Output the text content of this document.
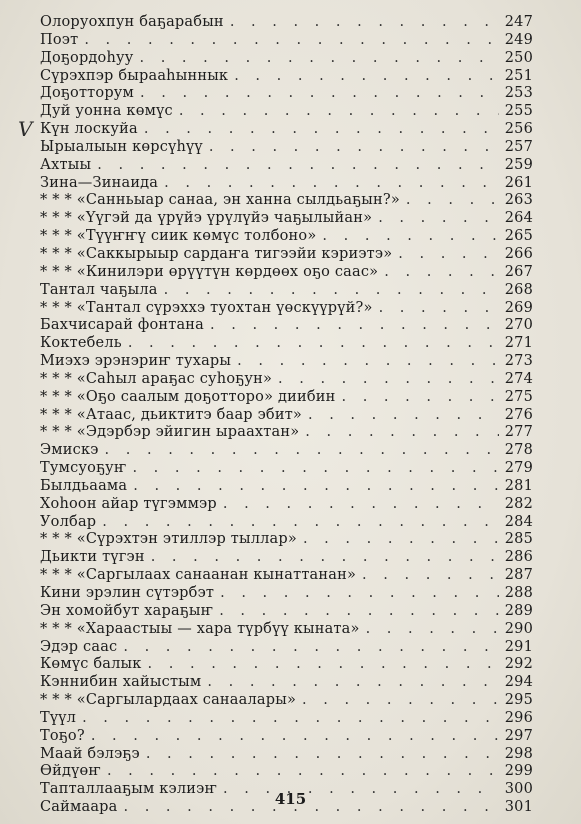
V
Олоруохпун баҕарабын . . .	247
Поэт . . .	249
Доҕордоһуу . . .	250
Сүрэхпэр бырааһыннык . . .	251
Доҕотторум . . .	253
Дуй уонна көмүс . . .	255
Күн лоскуйа . . .	256
Ырыалыын көрсүһүү . . .	257
Ахтыы . . .	259
Зина—Зинаида . . .	261
* * * «Санньыар санаа, эн ханна сылдьаҕын?» . . .	263
* * * «Үүгэй да үрүйэ үрүлүйэ чаҕылыйан» . . .	264
* * * «Түүҥҥү сиик көмүс толбоно» . . .	265
* * * «Саккырыыр сардаҥа тигээйи кэриэтэ» . . .	266
* * * «Кинилэри өрүүтүн көрдөөх оҕо саас» . . .	267
Тантал чаҕыла . . .	268
* * * «Тантал сүрэххэ туохтан үөскүүрүй?» . . .	269
Бахчисарай фонтана . . .	270
Коктебель . . .	271
Миэхэ эрэнэриҥ тухары . . .	273
* * * «Саһыл араҕас суһоҕун» . . .	274
* * * «Оҕо саалым доҕотторо» диибин . . .	275
* * * «Атаас, дьиктитэ баар эбит» . . .	276
* * * «Эдэрбэр эйигин ыраахтан» . . .	277
Эмискэ . . .	278
Тумсуоҕуҥ . . .	279
Былдьаама . . .	281
Хоһоон айар түгэммэр . . .	282
Уолбар . . .	284
* * * «Сүрэхтэн этиллэр тыллар» . . .	285
Дьикти түгэн . . .	286
* * * «Саргылаах санаанан кынаттанан» . . .	287
Кини эрэлин сүтэрбэт . . .	288
Эн хомойбут хараҕыҥ . . .	289
* * * «Хараастыы — хара түрбүү кыната» . . .	290
Эдэр саас . . .	291
Көмүс балык . . .	292
Кэннибин хайыстым . . .	294
* * * «Саргылардаах санаалары» . . .	295
Түүл . . .	296
Тоҕо? . . .	297
Маай бэлэҕэ . . .	298
Өйдүөҥ . . .	299
Тапталлааҕым кэлиэҥ . . .	300
Саймаара . . .	301
415
